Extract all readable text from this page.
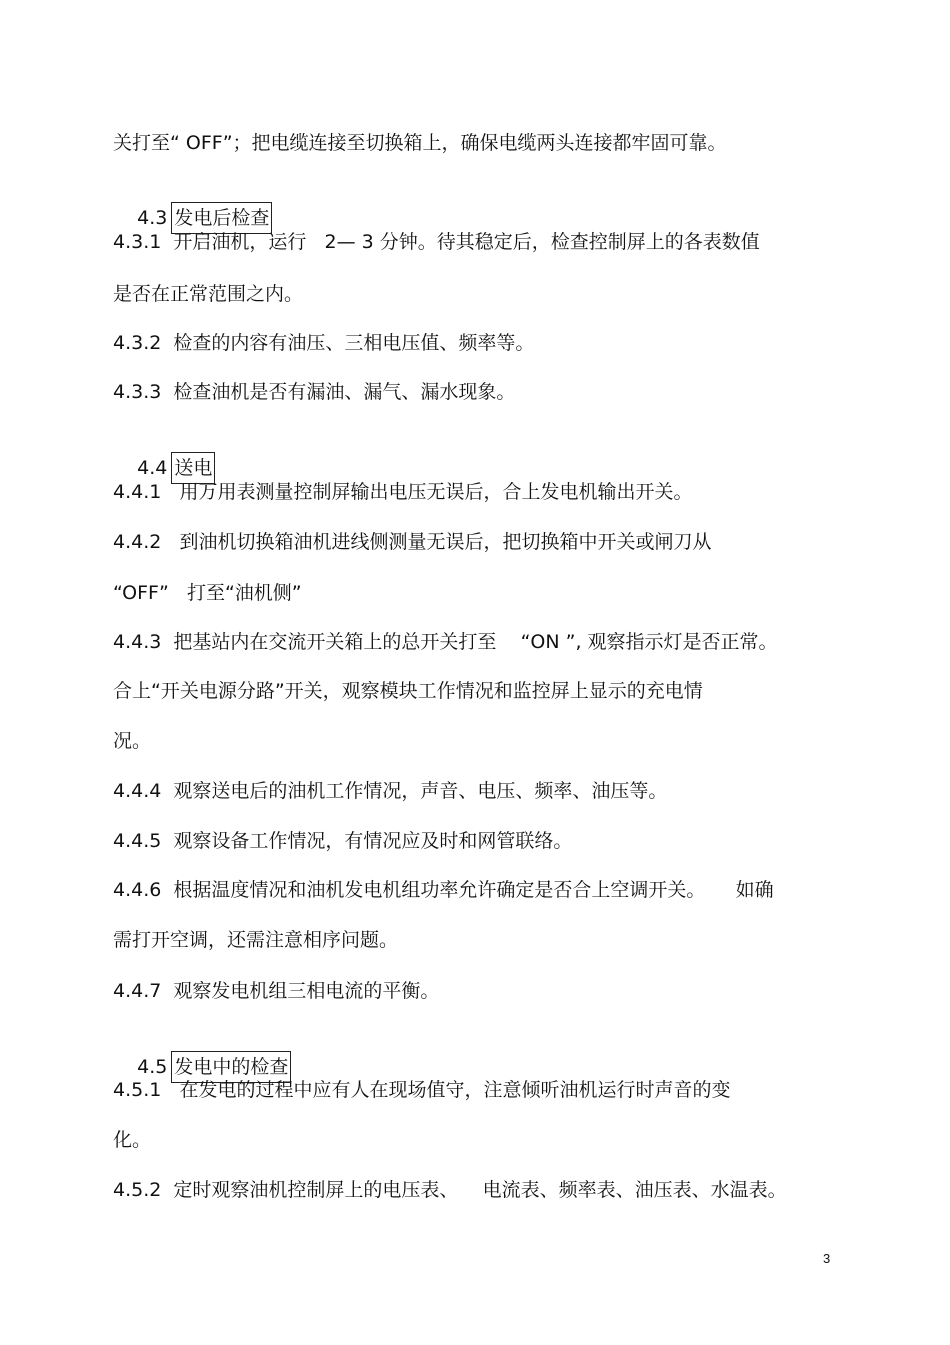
关打至“ OFF”；把电缆连接至切换箱上，确保电缆两头连接都牢固可靠。

4.3 发电后检查

4.3.1  开启油机，运行   2— 3 分钟。待其稳定后，检查控制屏上的各表数值
是否在正常范围之内。
4.3.2  检查的内容有油压、三相电压值、频率等。
4.3.3  检查油机是否有漏油、漏气、漏水现象。

4.4 送电

4.4.1   用万用表测量控制屏输出电压无误后，合上发电机输出开关。
4.4.2   到油机切换箱油机进线侧测量无误后，把切换箱中开关或闸刀从
“OFF”   打至“油机侧”
4.4.3  把基站内在交流开关箱上的总开关打至    “ON ”, 观察指示灯是否正常。
合上“开关电源分路”开关，观察模块工作情况和监控屏上显示的充电情
况。
4.4.4  观察送电后的油机工作情况，声音、电压、频率、油压等。
4.4.5  观察设备工作情况，有情况应及时和网管联络。
4.4.6  根据温度情况和油机发电机组功率允许确定是否合上空调开关。     如确
需打开空调，还需注意相序问题。
4.4.7  观察发电机组三相电流的平衡。

4.5 发电中的检查

4.5.1   在发电的过程中应有人在现场值守，注意倾听油机运行时声音的变
化。
4.5.2  定时观察油机控制屏上的电压表、    电流表、频率表、油压表、水温表。
3
